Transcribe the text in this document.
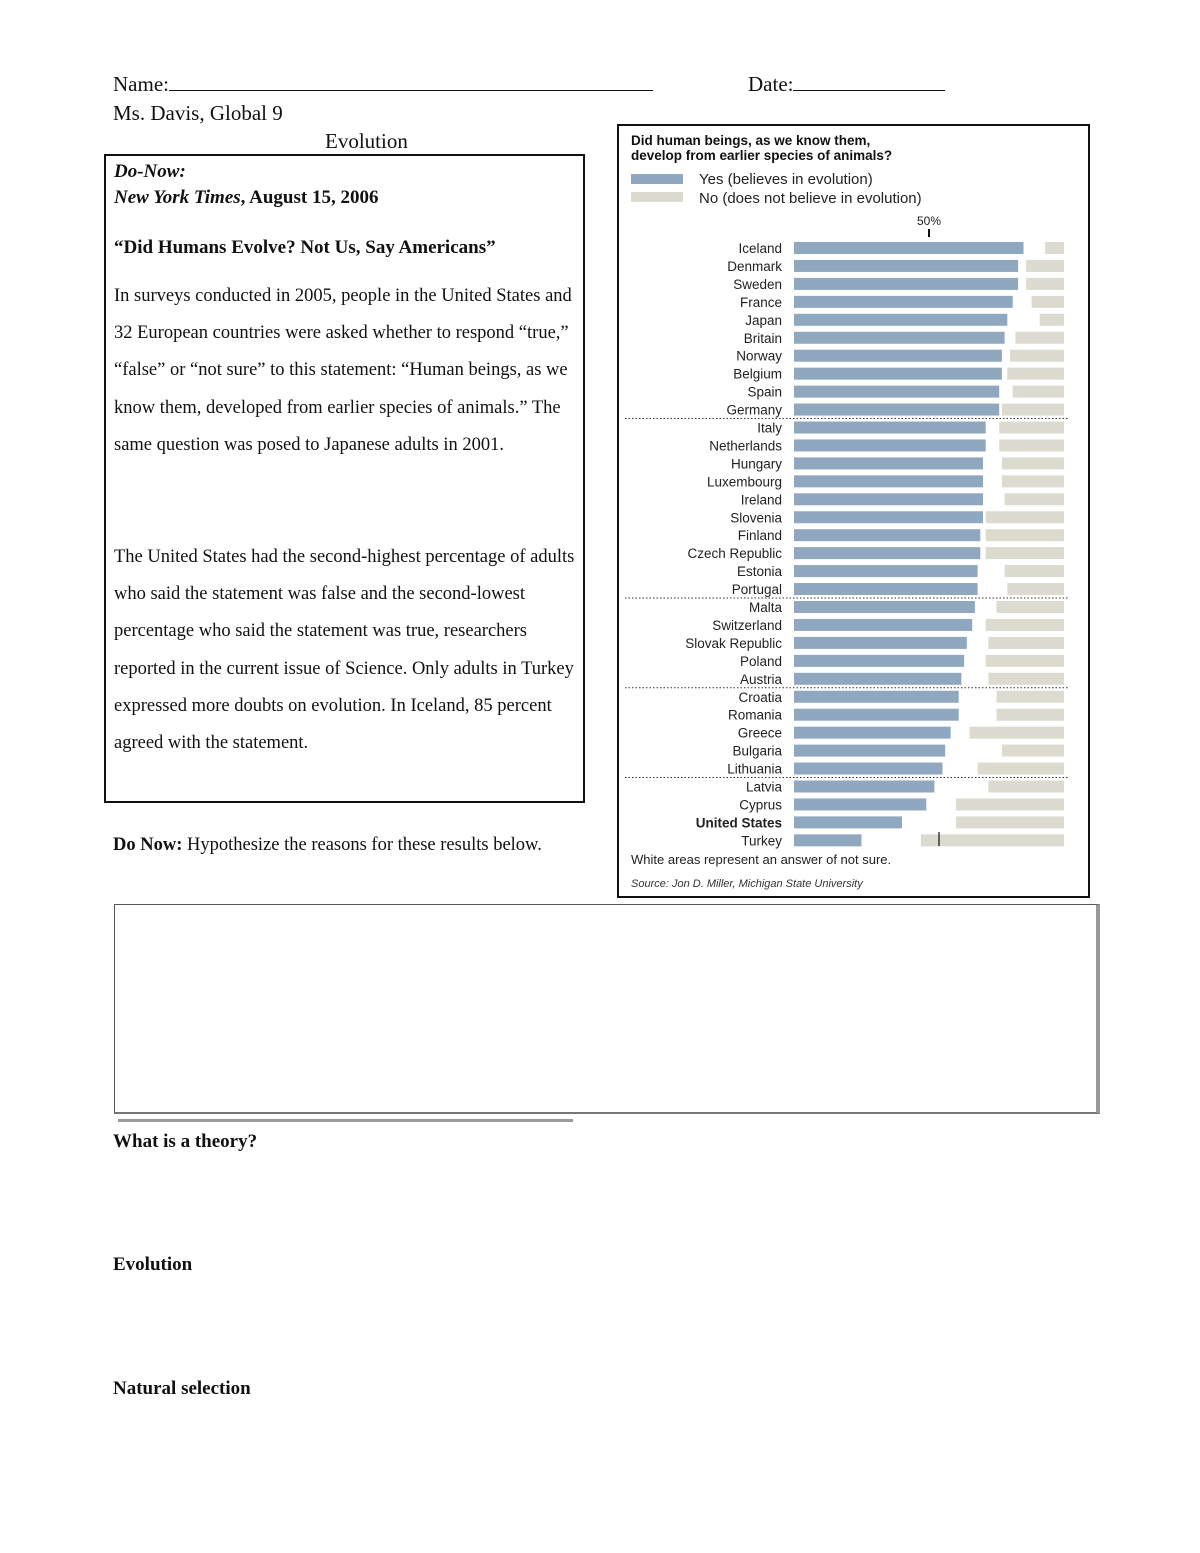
Name:	Date:
Ms. Davis, Global 9
Evolution
Do-Now:
New York Times, August 15, 2006
“Did Humans Evolve? Not Us, Say Americans”
In surveys conducted in 2005, people in the United States and 32 European countries were asked whether to respond “true,” “false” or “not sure” to this statement: “Human beings, as we know them, developed from earlier species of animals.” The same question was posed to Japanese adults in 2001.
The United States had the second-highest percentage of adults who said the statement was false and the second-lowest percentage who said the statement was true, researchers reported in the current issue of Science. Only adults in Turkey expressed more doubts on evolution. In Iceland, 85 percent agreed with the statement.
Do Now: Hypothesize the reasons for these results below.
Did human beings, as we know them,
develop from earlier species of animals?
Yes (believes in evolution)
No (does not believe in evolution)
50%
Iceland
Denmark
Sweden
France
Japan
Britain
Norway
Belgium
Spain
Germany
Italy
Netherlands
Hungary
Luxembourg
Ireland
Slovenia
Finland
Czech Republic
Estonia
Portugal
Malta
Switzerland
Slovak Republic
Poland
Austria
Croatia
Romania
Greece
Bulgaria
Lithuania
Latvia
Cyprus
United States
Turkey
White areas represent an answer of not sure.
Source: Jon D. Miller, Michigan State University
What is a theory?
Evolution
Natural selection
